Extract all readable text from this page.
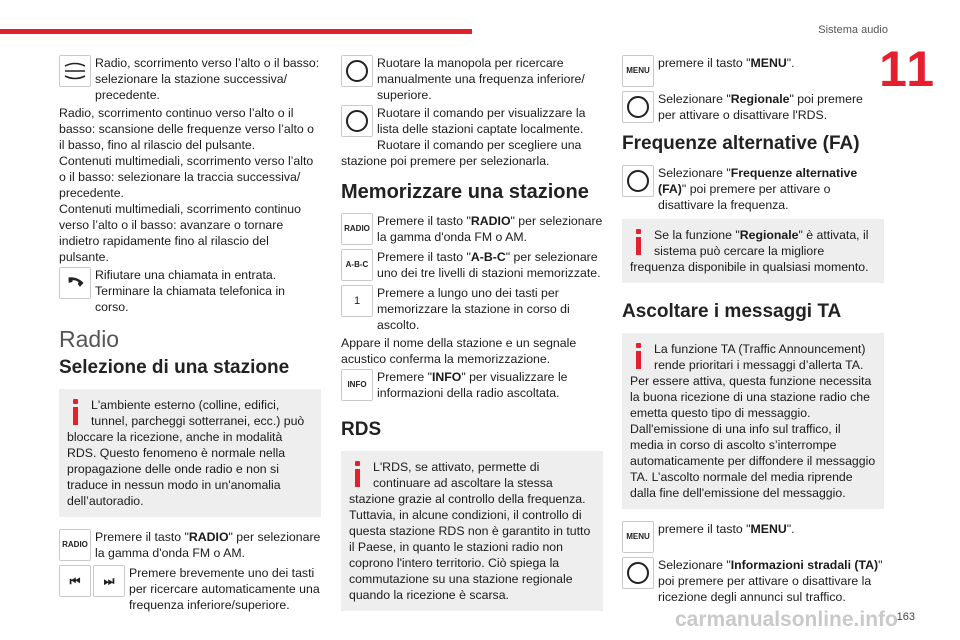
Sistema audio
11
Radio, scorrimento verso l’alto o il basso: selezionare la stazione successiva/ precedente.
Radio, scorrimento continuo verso l’alto o il basso: scansione delle frequenze verso l’alto o il basso, fino al rilascio del pulsante.
Contenuti multimediali, scorrimento verso l’alto o il basso: selezionare la traccia successiva/ precedente.
Contenuti multimediali, scorrimento continuo verso l’alto o il basso: avanzare o tornare indietro rapidamente fino al rilascio del pulsante.
Rifiutare una chiamata in entrata. Terminare la chiamata telefonica in corso.
Radio
Selezione di una stazione
L'ambiente esterno (colline, edifici, tunnel, parcheggi sotterranei, ecc.) può bloccare la ricezione, anche in modalità RDS. Questo fenomeno è normale nella propagazione delle onde radio e non si traduce in nessun modo in un'anomalia dell’autoradio.
RADIO
Premere il tasto "RADIO" per selezionare la gamma d'onda FM o AM.
⏮ ⏭
Premere brevemente uno dei tasti per ricercare automaticamente una frequenza inferiore/superiore.
Ruotare la manopola per ricercare manualmente una frequenza inferiore/ superiore.
Ruotare il comando per visualizzare la lista delle stazioni captate localmente. Ruotare il comando per scegliere una stazione poi premere per selezionarla.
Memorizzare una stazione
RADIO
Premere il tasto "RADIO" per selezionare la gamma d'onda FM o AM.
A-B-C
Premere il tasto "A-B-C" per selezionare uno dei tre livelli di stazioni memorizzate.
1
Premere a lungo uno dei tasti per memorizzare la stazione in corso di ascolto.
Appare il nome della stazione e un segnale acustico conferma la memorizzazione.
INFO
Premere "INFO" per visualizzare le informazioni della radio ascoltata.
RDS
L'RDS, se attivato, permette di continuare ad ascoltare la stessa stazione grazie al controllo della frequenza. Tuttavia, in alcune condizioni, il controllo di questa stazione RDS non è garantito in tutto il Paese, in quanto le stazioni radio non coprono l'intero territorio. Ciò spiega la commutazione su una stazione regionale quando la ricezione è scarsa.
MENU
premere il tasto "MENU".
Selezionare "Regionale" poi premere per attivare o disattivare l'RDS.
Frequenze alternative (FA)
Selezionare "Frequenze alternative (FA)" poi premere per attivare o disattivare la frequenza.
Se la funzione "Regionale" è attivata, il sistema può cercare la migliore frequenza disponibile in qualsiasi momento.
Ascoltare i messaggi TA
La funzione TA (Traffic Announcement) rende prioritari i messaggi d’allerta TA.
Per essere attiva, questa funzione necessita la buona ricezione di una stazione radio che emetta questo tipo di messaggio.
Dall'emissione di una info sul traffico, il media in corso di ascolto s’interrompe automaticamente per diffondere il messaggio TA. L’ascolto normale del media riprende dalla fine dell'emissione del messaggio.
MENU
premere il tasto "MENU".
Selezionare "Informazioni stradali (TA)" poi premere per attivare o disattivare la ricezione degli annunci sul traffico.
carmanualsonline.info
163
